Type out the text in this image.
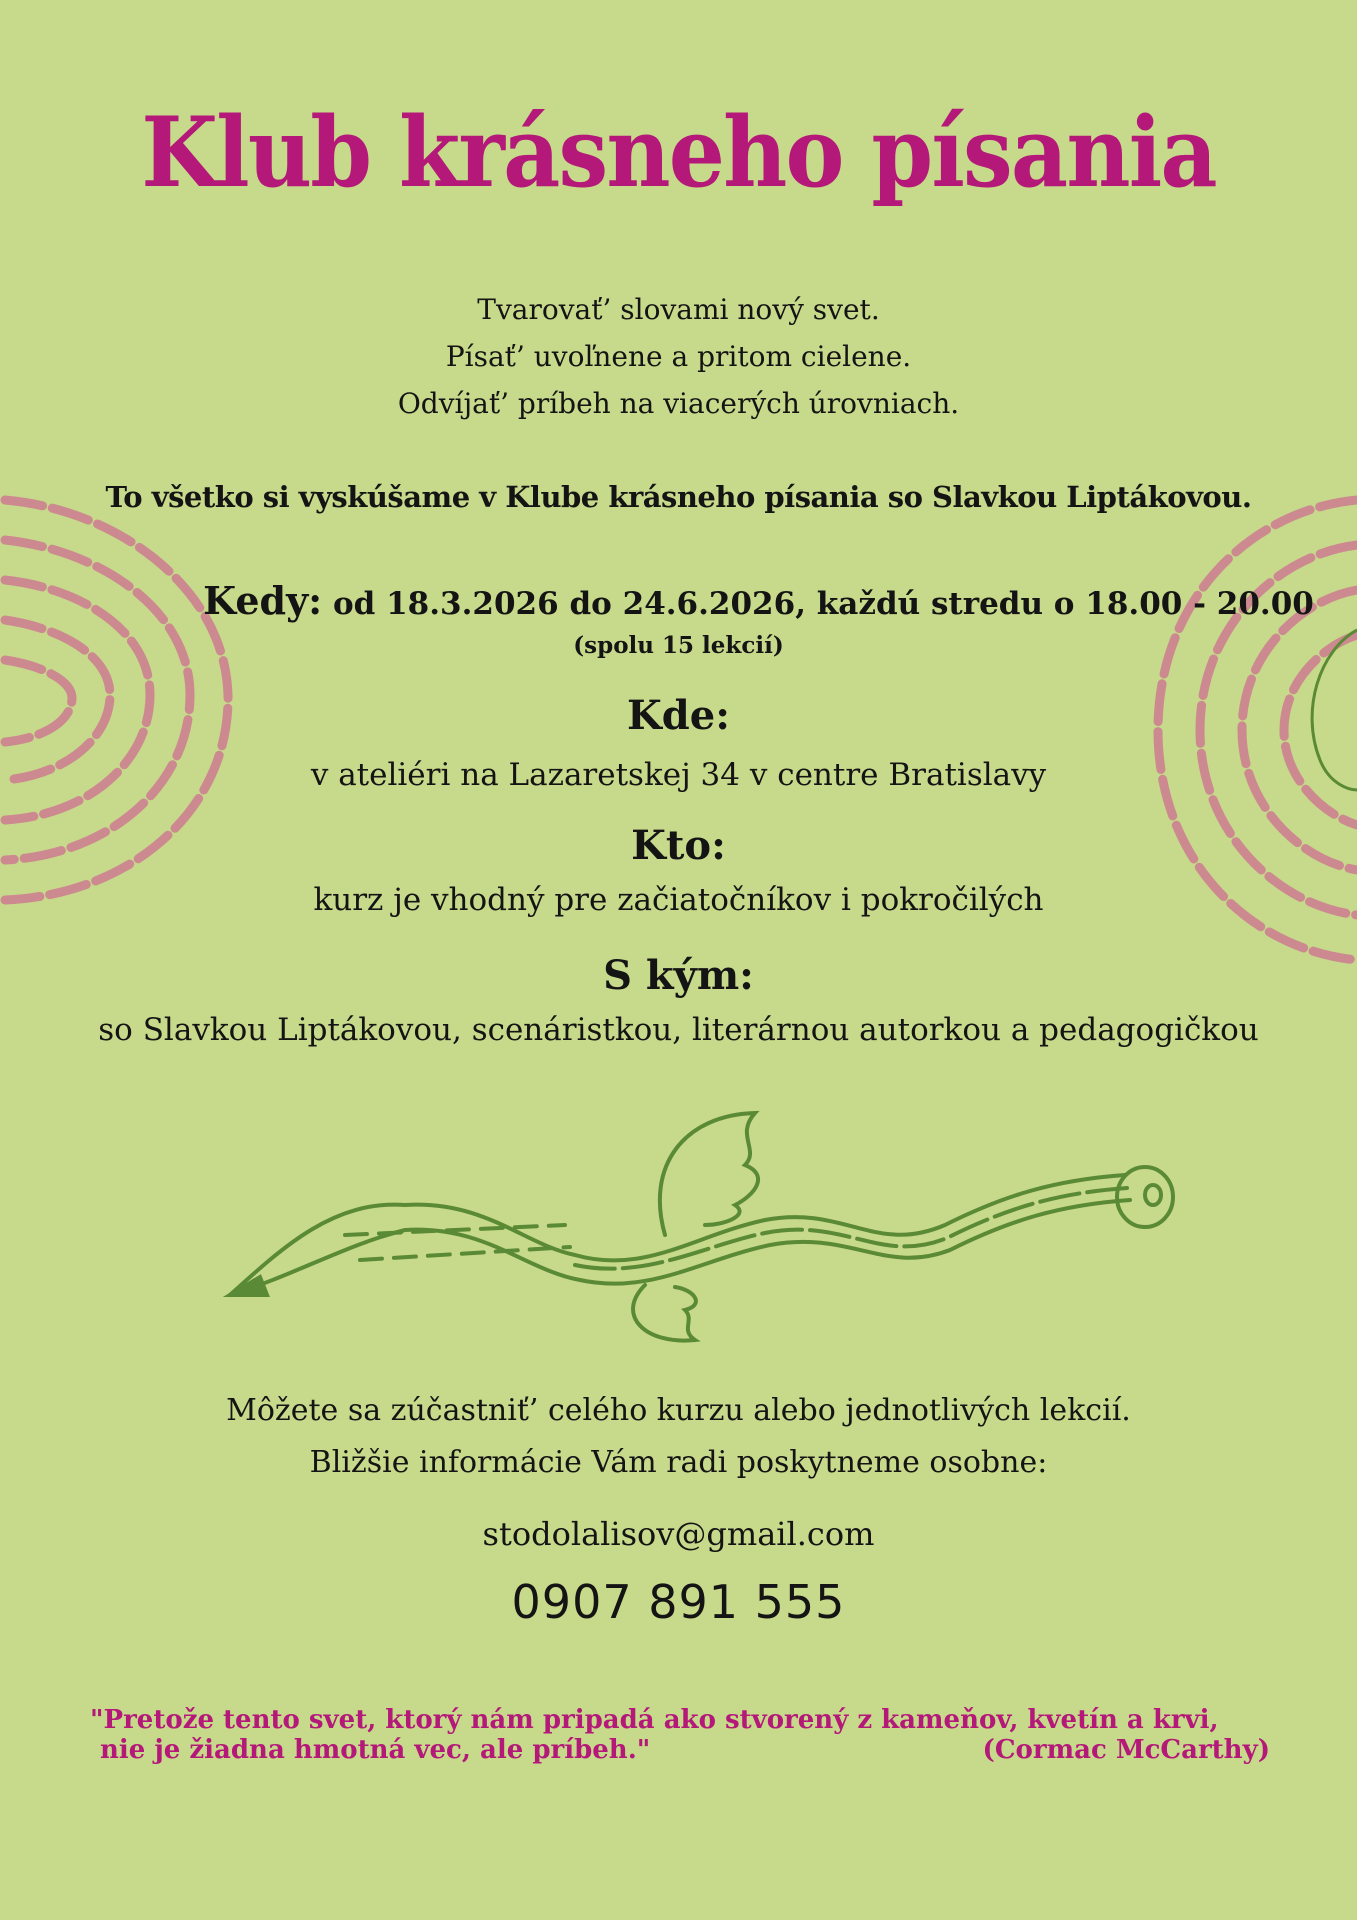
Klub krásneho písania
Tvarovať’ slovami nový svet.
Písať’ uvoľnene a pritom cielene.
Odvíjať’ príbeh na viacerých úrovniach.
To všetko si vyskúšame v Klube krásneho písania so Slavkou Liptákovou.
Kedy: od 18.3.2026 do 24.6.2026, každú stredu o 18.00 - 20.00
(spolu 15 lekcií)
Kde:
v ateliéri na Lazaretskej 34 v centre Bratislavy
Kto:
kurz je vhodný pre začiatočníkov i pokročilých
S kým:
so Slavkou Liptákovou, scenáristkou, literárnou autorkou a pedagogičkou
Môžete sa zúčastniť’ celého kurzu alebo jednotlivých lekcií.
Bližšie informácie Vám radi poskytneme osobne:
stodolalisov@gmail.com
0907 891 555
"Pretože tento svet, ktorý nám pripadá ako stvorený z kameňov, kvetín a krvi,
nie je žiadna hmotná vec, ale príbeh."	(Cormac McCarthy)
